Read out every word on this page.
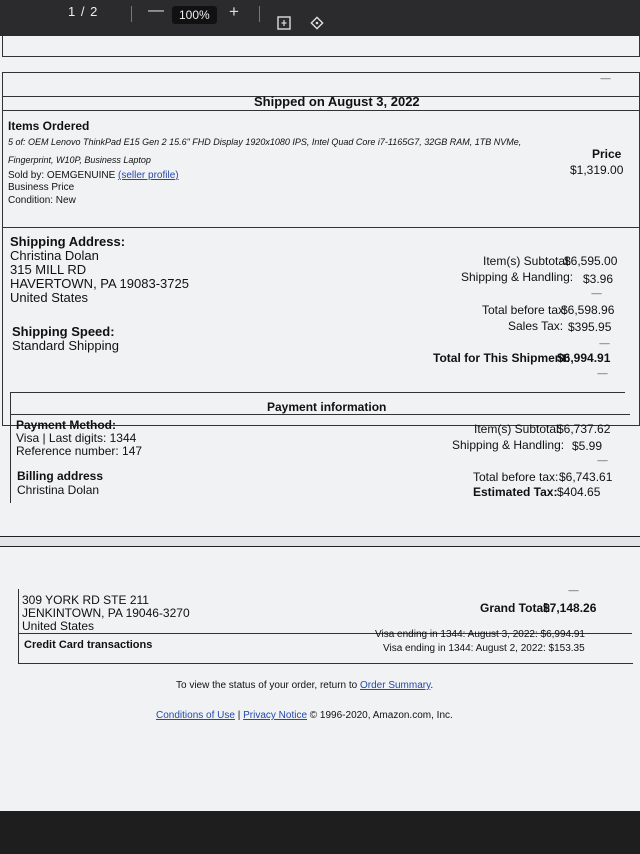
1 / 2	—	100%	+
------
Shipped on August 3, 2022
Items Ordered
Price
5 of: OEM Lenovo ThinkPad E15 Gen 2 15.6" FHD Display 1920x1080 IPS, Intel Quad Core i7-1165G7, 32GB RAM, 1TB NVMe,
Fingerprint, W10P, Business Laptop
$1,319.00
Sold by: OEMGENUINE (seller profile)
Business Price
Condition: New
Shipping Address:
Christina Dolan
315 MILL RD
HAVERTOWN, PA 19083-3725
United States
Item(s) Subtotal:
$6,595.00
Shipping & Handling: $3.96
------
Total before tax:
$6,598.96
Sales Tax: $395.95
------
Shipping Speed:
Standard Shipping
Total for This Shipment:
$6,994.91
------
Payment information
Payment Method:
Visa | Last digits: 1344
Reference number: 147
Item(s) Subtotal:
$6,737.62
Shipping & Handling: $5.99
------
Billing address
Christina Dolan
Total before tax: $6,743.61
Estimated Tax: $404.65
------
309 YORK RD STE 211
JENKINTOWN, PA 19046-3270
United States
Grand Total:
$7,148.26
Credit Card transactions
Visa ending in 1344: August 3, 2022: $6,994.91
Visa ending in 1344: August 2, 2022: $153.35
To view the status of your order, return to Order Summary.
Conditions of Use | Privacy Notice © 1996-2020, Amazon.com, Inc.
